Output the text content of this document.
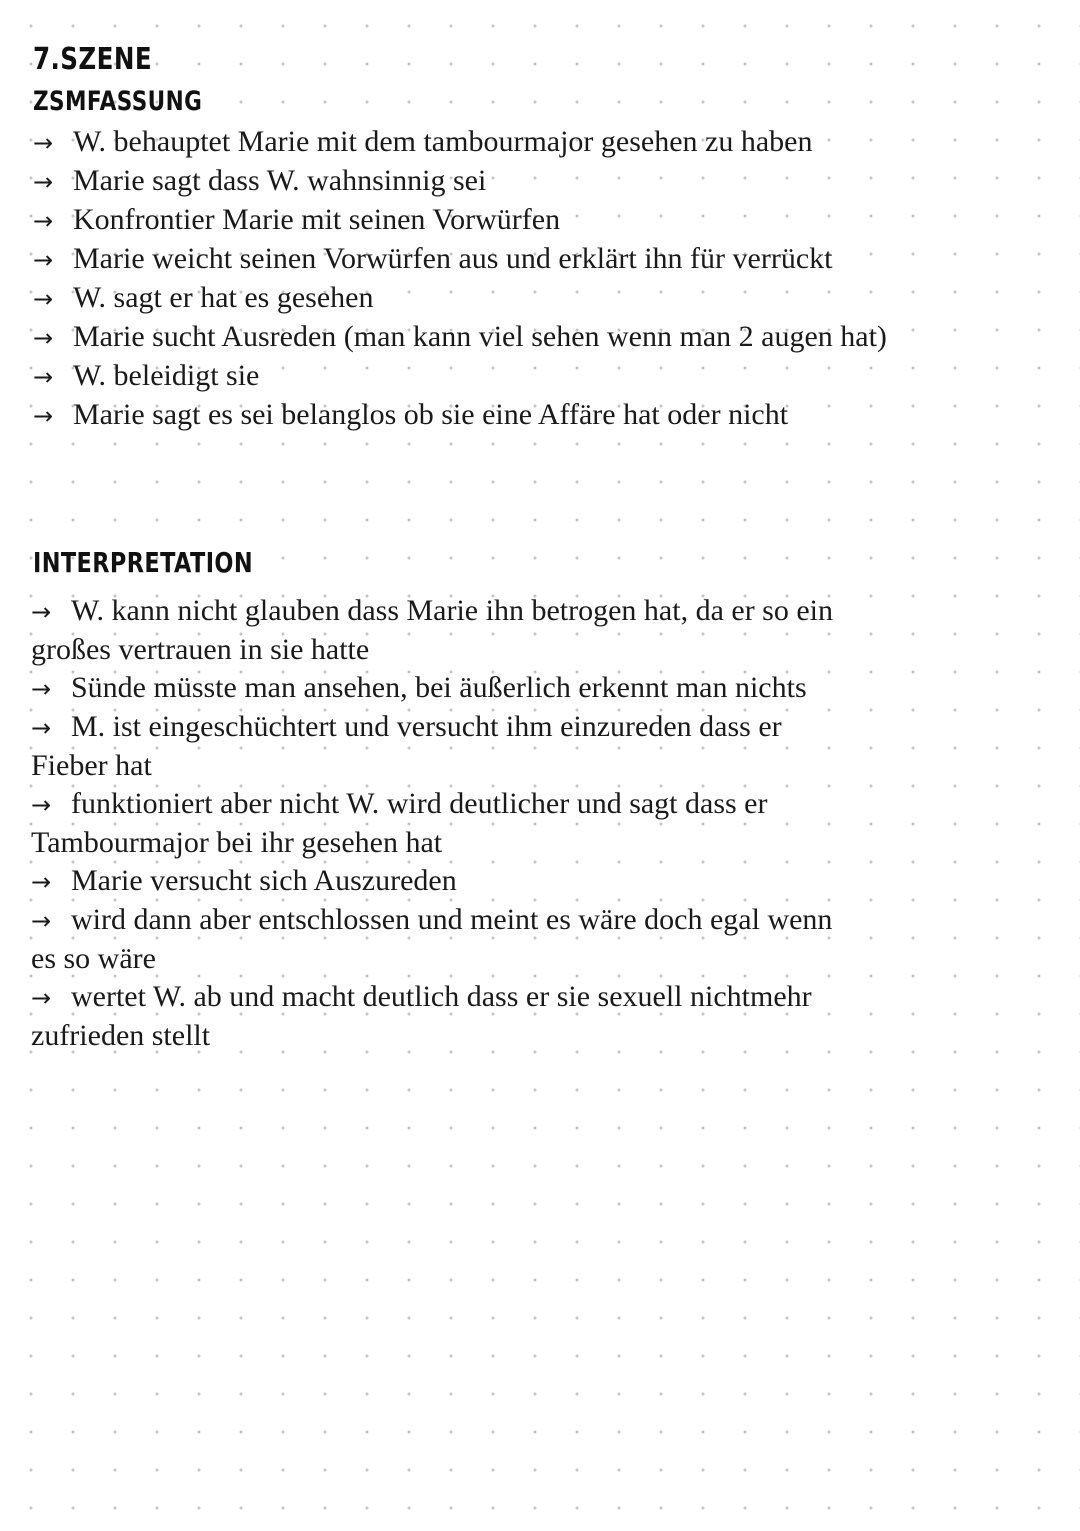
7.SZENE
ZSMFASSUNG
→ W. behauptet Marie mit dem tambourmajor gesehen zu haben
→ Marie sagt dass W. wahnsinnig sei
→ Konfrontier Marie mit seinen Vorwürfen
→ Marie weicht seinen Vorwürfen aus und erklärt ihn für verrückt
→ W. sagt er hat es gesehen
→ Marie sucht Ausreden (man kann viel sehen wenn man 2 augen hat)
→ W. beleidigt sie
→ Marie sagt es sei belanglos ob sie eine Affäre hat oder nicht
INTERPRETATION
→ W. kann nicht glauben dass Marie ihn betrogen hat, da er so ein großes vertrauen in sie hatte
→ Sünde müsste man ansehen, bei äußerlich erkennt man nichts
→ M. ist eingeschüchtert und versucht ihm einzureden dass er Fieber hat
→ funktioniert aber nicht W. wird deutlicher und sagt dass er Tambourmajor bei ihr gesehen hat
→ Marie versucht sich Auszureden
→ wird dann aber entschlossen und meint es wäre doch egal wenn es so wäre
→ wertet W. ab und macht deutlich dass er sie sexuell nichtmehr zufrieden stellt
